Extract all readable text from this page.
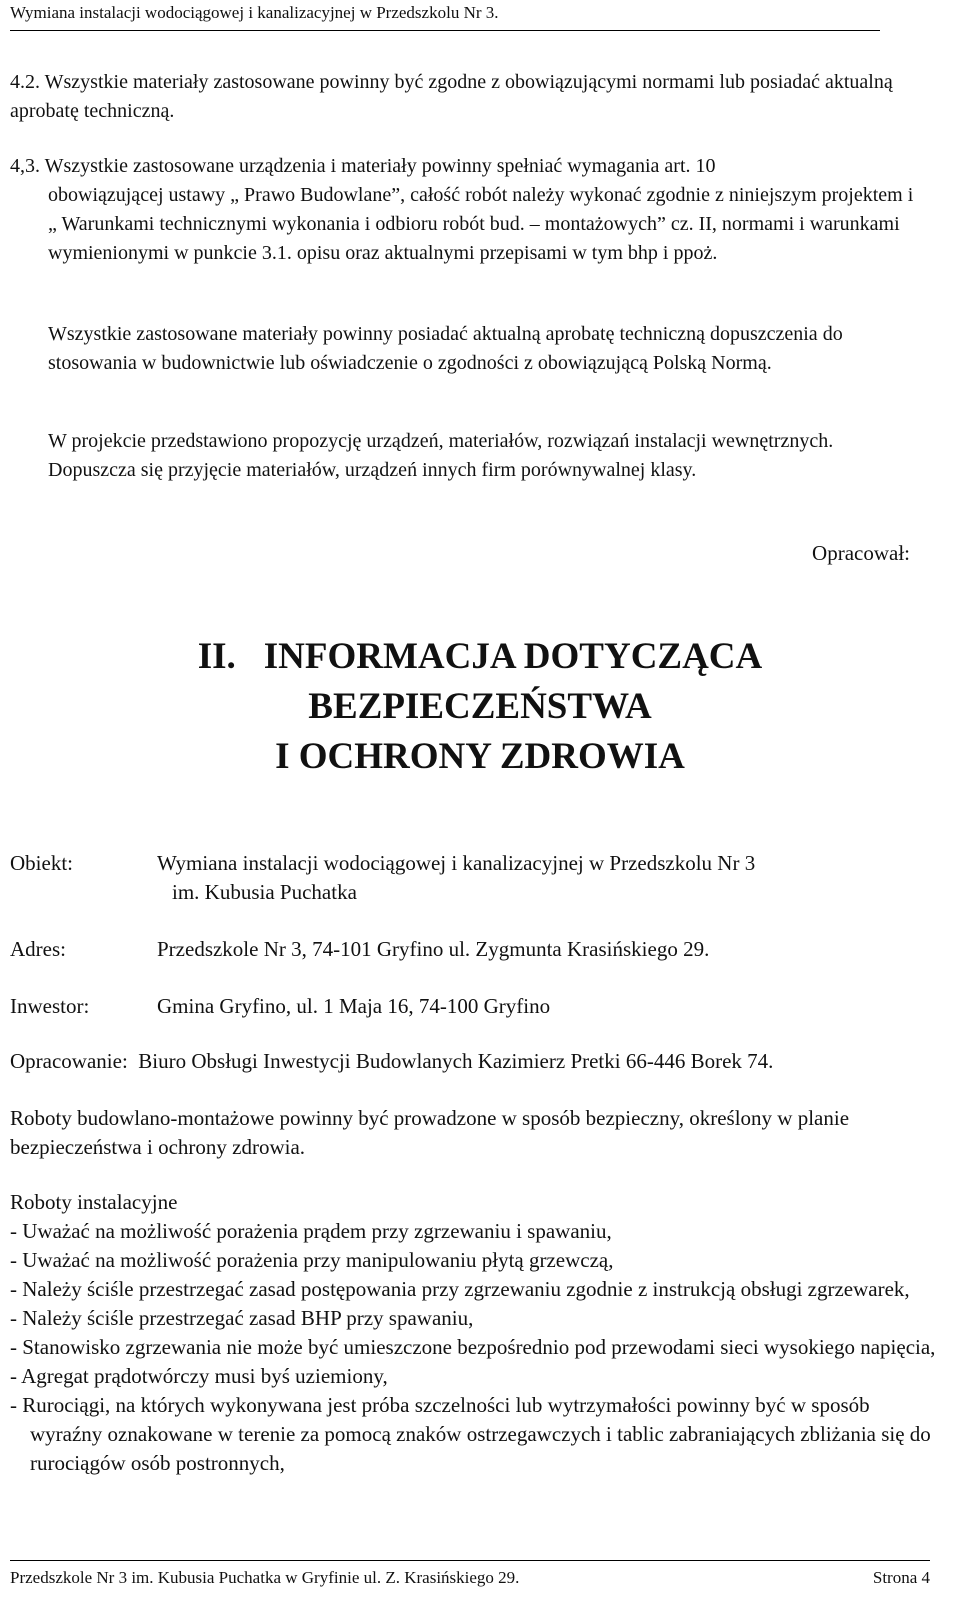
Wymiana instalacji wodociągowej i kanalizacyjnej w Przedszkolu Nr 3.

4.2. Wszystkie materiały zastosowane powinny być zgodne z obowiązującymi normami lub posiadać aktualną aprobatę techniczną.

4,3. Wszystkie zastosowane urządzenia i materiały powinny spełniać wymagania art. 10

obowiązującej ustawy „ Prawo Budowlane”, całość robót należy wykonać zgodnie z niniejszym projektem i „ Warunkami technicznymi wykonania i odbioru robót bud. – montażowych” cz. II, normami i warunkami wymienionymi w punkcie 3.1. opisu oraz aktualnymi przepisami w tym bhp i ppoż.

Wszystkie zastosowane materiały powinny posiadać aktualną aprobatę techniczną dopuszczenia do stosowania w budownictwie lub oświadczenie o zgodności z obowiązującą Polską Normą.

W projekcie przedstawiono propozycję urządzeń, materiałów, rozwiązań instalacji wewnętrznych. Dopuszcza się przyjęcie materiałów, urządzeń innych firm porównywalnej klasy.

Opracował:
II. INFORMACJA DOTYCZĄCA
BEZPIECZEŃSTWA
I OCHRONY ZDROWIA
Obiekt:	Wymiana instalacji wodociągowej i kanalizacyjnej w Przedszkolu Nr 3
im. Kubusia Puchatka
Adres:	Przedszkole Nr 3, 74-101 Gryfino ul. Zygmunta Krasińskiego 29.
Inwestor:	Gmina Gryfino, ul. 1 Maja 16, 74-100 Gryfino
Opracowanie:  Biuro Obsługi Inwestycji Budowlanych Kazimierz Pretki 66-446 Borek 74.

Roboty budowlano-montażowe powinny być prowadzone w sposób bezpieczny, określony w planie bezpieczeństwa i ochrony zdrowia.

Roboty instalacyjne
- Uważać na możliwość porażenia prądem przy zgrzewaniu i spawaniu,
- Uważać na możliwość porażenia przy manipulowaniu płytą grzewczą,
- Należy ściśle przestrzegać zasad postępowania przy zgrzewaniu zgodnie z instrukcją obsługi zgrzewarek,
- Należy ściśle przestrzegać zasad BHP przy spawaniu,
- Stanowisko zgrzewania nie może być umieszczone bezpośrednio pod przewodami sieci wysokiego napięcia,
- Agregat prądotwórczy musi byś uziemiony,
- Rurociągi, na których wykonywana jest próba szczelności lub wytrzymałości powinny być w sposób wyraźny oznakowane w terenie za pomocą znaków ostrzegawczych i tablic zabraniających zbliżania się do rurociągów osób postronnych,
Przedszkole Nr 3 im. Kubusia Puchatka w Gryfinie ul. Z. Krasińskiego 29.	Strona 4
